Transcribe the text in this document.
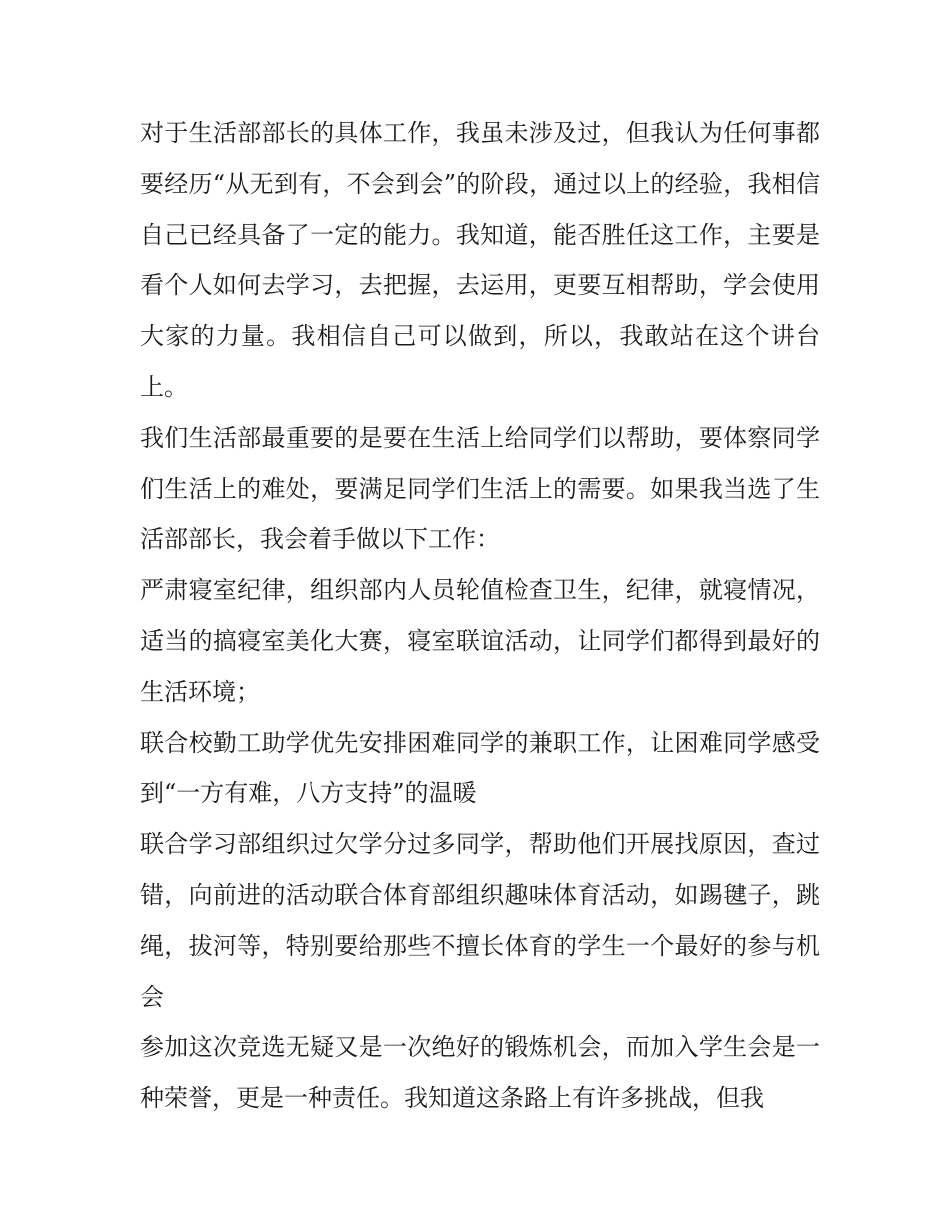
对于生活部部长的具体工作，我虽未涉及过，但我认为任何事都要经历“从无到有，不会到会”的阶段，通过以上的经验，我相信自己已经具备了一定的能力。我知道，能否胜任这工作，主要是看个人如何去学习，去把握，去运用，更要互相帮助，学会使用大家的力量。我相信自己可以做到，所以，我敢站在这个讲台上。

我们生活部最重要的是要在生活上给同学们以帮助，要体察同学们生活上的难处，要满足同学们生活上的需要。如果我当选了生活部部长，我会着手做以下工作：

严肃寝室纪律，组织部内人员轮值检查卫生，纪律，就寝情况，适当的搞寝室美化大赛，寝室联谊活动，让同学们都得到最好的生活环境；

联合校勤工助学优先安排困难同学的兼职工作，让困难同学感受到“一方有难，八方支持”的温暖

联合学习部组织过欠学分过多同学，帮助他们开展找原因，查过错，向前进的活动联合体育部组织趣味体育活动，如踢毽子，跳绳，拔河等，特别要给那些不擅长体育的学生一个最好的参与机会

参加这次竞选无疑又是一次绝好的锻炼机会，而加入学生会是一种荣誉，更是一种责任。我知道这条路上有许多挑战，但我
